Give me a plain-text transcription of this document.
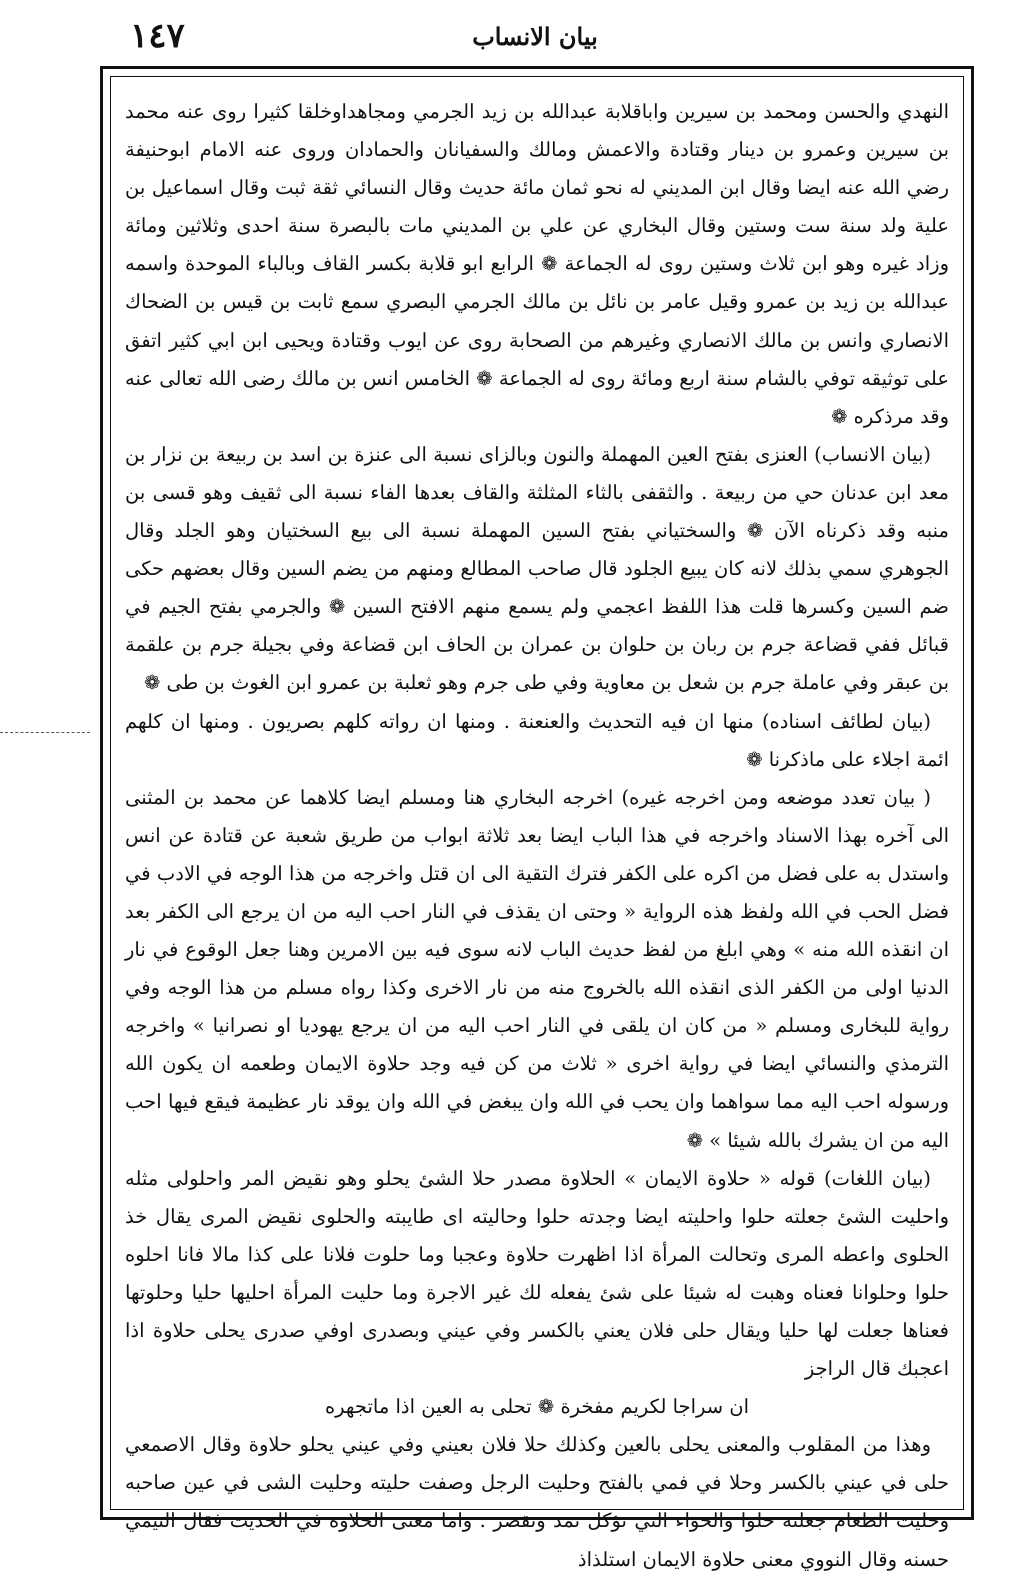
١٤٧	بيان الانساب

النهدي والحسن ومحمد بن سيرين واباقلابة عبدالله بن زيد الجرمي ومجاهداوخلقا كثيرا روى عنه محمد بن سيرين وعمرو بن دينار وقتادة والاعمش ومالك والسفيانان والحمادان وروى عنه الامام ابوحنيفة رضي الله عنه ايضا وقال ابن المديني له نحو ثمان مائة حديث وقال النسائي ثقة ثبت وقال اسماعيل بن علية ولد سنة ست وستين وقال البخاري عن علي بن المديني مات بالبصرة سنة احدى وثلاثين ومائة وزاد غيره وهو ابن ثلاث وستين روى له الجماعة ❁ الرابع ابو قلابة بكسر القاف وبالباء الموحدة واسمه عبدالله بن زيد بن عمرو وقيل عامر بن نائل بن مالك الجرمي البصري سمع ثابت بن قيس بن الضحاك الانصاري وانس بن مالك الانصاري وغيرهم من الصحابة روى عن ايوب وقتادة ويحيى ابن ابي كثير اتفق على توثيقه توفي بالشام سنة اربع ومائة روى له الجماعة ❁ الخامس انس بن مالك رضى الله تعالى عنه وقد مرذكره ❁

(بيان الانساب) العنزى بفتح العين المهملة والنون وبالزاى نسبة الى عنزة بن اسد بن ربيعة بن نزار بن معد ابن عدنان حي من ربيعة . والثقفى بالثاء المثلثة والقاف بعدها الفاء نسبة الى ثقيف وهو قسى بن منبه وقد ذكرناه الآن ❁ والسختياني بفتح السين المهملة نسبة الى بيع السختيان وهو الجلد وقال الجوهري سمي بذلك لانه كان يبيع الجلود قال صاحب المطالع ومنهم من يضم السين وقال بعضهم حكى ضم السين وكسرها قلت هذا اللفظ اعجمي ولم يسمع منهم الافتح السين ❁ والجرمي بفتح الجيم في قبائل ففي قضاعة جرم بن ربان بن حلوان بن عمران بن الحاف ابن قضاعة وفي بجيلة جرم بن علقمة بن عبقر وفي عاملة جرم بن شعل بن معاوية وفي طى جرم وهو ثعلبة بن عمرو ابن الغوث بن طى ❁

(بيان لطائف اسناده) منها ان فيه التحديث والعنعنة . ومنها ان رواته كلهم بصريون . ومنها ان كلهم ائمة اجلاء على ماذكرنا ❁

( بيان تعدد موضعه ومن اخرجه غيره) اخرجه البخاري هنا ومسلم ايضا كلاهما عن محمد بن المثنى الى آخره بهذا الاسناد واخرجه في هذا الباب ايضا بعد ثلاثة ابواب من طريق شعبة عن قتادة عن انس واستدل به على فضل من اكره على الكفر فترك التقية الى ان قتل واخرجه من هذا الوجه في الادب في فضل الحب في الله ولفظ هذه الرواية « وحتى ان يقذف في النار احب اليه من ان يرجع الى الكفر بعد ان انقذه الله منه » وهي ابلغ من لفظ حديث الباب لانه سوى فيه بين الامرين وهنا جعل الوقوع في نار الدنيا اولى من الكفر الذى انقذه الله بالخروج منه من نار الاخرى وكذا رواه مسلم من هذا الوجه وفي رواية للبخارى ومسلم « من كان ان يلقى في النار احب اليه من ان يرجع يهوديا او نصرانيا » واخرجه الترمذي والنسائي ايضا في رواية اخرى « ثلاث من كن فيه وجد حلاوة الايمان وطعمه ان يكون الله ورسوله احب اليه مما سواهما وان يحب في الله وان يبغض في الله وان يوقد نار عظيمة فيقع فيها احب اليه من ان يشرك بالله شيئا » ❁

(بيان اللغات) قوله « حلاوة الايمان » الحلاوة مصدر حلا الشئ يحلو وهو نقيض المر واحلولى مثله واحليت الشئ جعلته حلوا واحليته ايضا وجدته حلوا وحاليته اى طايبته والحلوى نقيض المرى يقال خذ الحلوى واعطه المرى وتحالت المرأة اذا اظهرت حلاوة وعجبا وما حلوت فلانا على كذا مالا فانا احلوه حلوا وحلوانا فعناه وهبت له شيئا على شئ يفعله لك غير الاجرة وما حليت المرأة احليها حليا وحلوتها فعناها جعلت لها حليا ويقال حلى فلان يعني بالكسر وفي عيني وبصدرى اوفي صدرى يحلى حلاوة اذا اعجبك قال الراجز

ان سراجا لكريم مفخرة ❁ تحلى به العين اذا ماتجهره

وهذا من المقلوب والمعنى يحلى بالعين وكذلك حلا فلان بعيني وفي عيني يحلو حلاوة وقال الاصمعي حلى في عيني بالكسر وحلا في فمي بالفتح وحليت الرجل وصفت حليته وحليت الشى في عين صاحبه وحليت الطعام جعلته حلوا والحواء التي تؤكل تمد وتقصر . واما معنى الحلاوة في الحديث فقال التيمي حسنه وقال النووي معنى حلاوة الايمان استلذاذ
